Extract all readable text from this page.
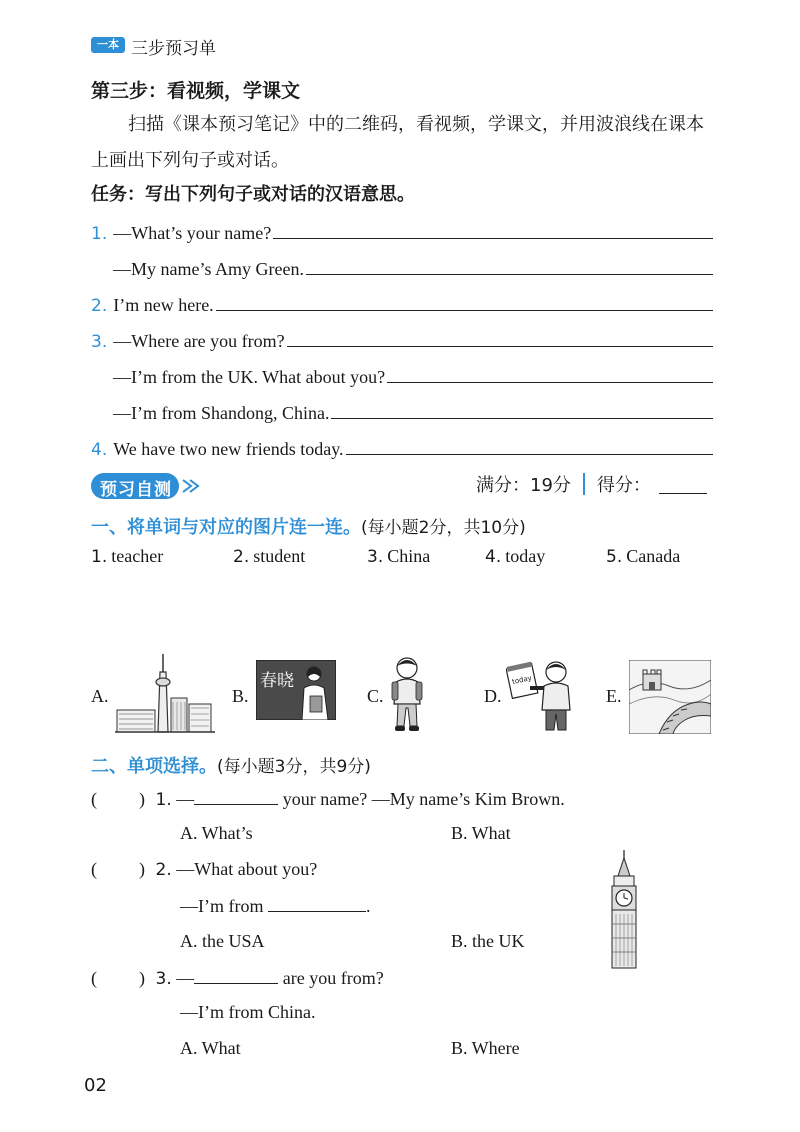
一本 三步预习单
第三步：看视频，学课文
扫描《课本预习笔记》中的二维码，看视频，学课文，并用波浪线在课本上画出下列句子或对话。
任务：写出下列句子或对话的汉语意思。
1. —What’s your name?
—My name’s Amy Green.
2. I’m new here.
3. —Where are you from?
—I’m from the UK. What about you?
—I’m from Shandong, China.
4. We have two new friends today.
预习自测	满分：19分 得分：
一、将单词与对应的图片连一连。(每小题2分，共10分)
1. teacher	2. student	3. China	4. today	5. Canada
A.	B.
春晓
C.	D.
today
E.
二、单项选择。(每小题3分，共9分)
( ) 1. —	your name? —My name’s Kim Brown.
A. What’s	B. What
( ) 2. —What about you?
—I’m from	.
A. the USA	B. the UK
( ) 3. —	are you from?
—I’m from China.
A. What	B. Where
02
